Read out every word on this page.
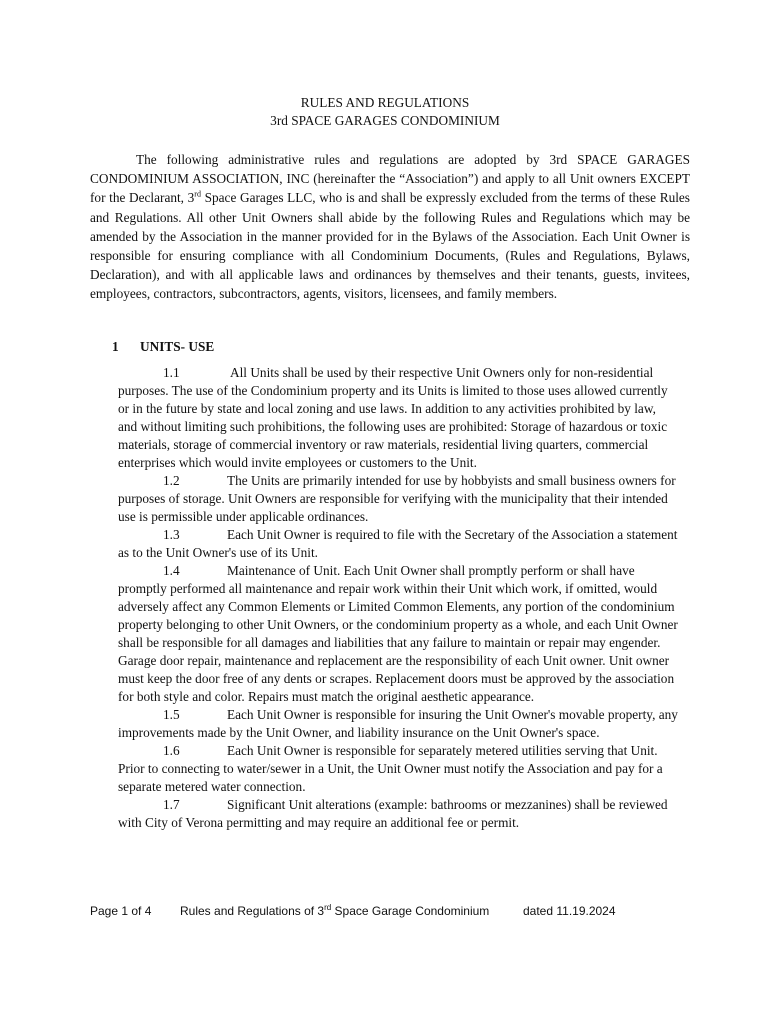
RULES AND REGULATIONS
3rd SPACE GARAGES CONDOMINIUM
The following administrative rules and regulations are adopted by 3rd SPACE GARAGES CONDOMINIUM ASSOCIATION, INC (hereinafter the “Association”) and apply to all Unit owners EXCEPT for the Declarant, 3rd Space Garages LLC, who is and shall be expressly excluded from the terms of these Rules and Regulations. All other Unit Owners shall abide by the following Rules and Regulations which may be amended by the Association in the manner provided for in the Bylaws of the Association. Each Unit Owner is responsible for ensuring compliance with all Condominium Documents, (Rules and Regulations, Bylaws, Declaration), and with all applicable laws and ordinances by themselves and their tenants, guests, invitees, employees, contractors, subcontractors, agents, visitors, licensees, and family members.
1 UNITS- USE

1.1	All Units shall be used by their respective Unit Owners only for non-residential purposes. The use of the Condominium property and its Units is limited to those uses allowed currently or in the future by state and local zoning and use laws. In addition to any activities prohibited by law, and without limiting such prohibitions, the following uses are prohibited: Storage of hazardous or toxic materials, storage of commercial inventory or raw materials, residential living quarters, commercial enterprises which would invite employees or customers to the Unit.

1.2	The Units are primarily intended for use by hobbyists and small business owners for purposes of storage. Unit Owners are responsible for verifying with the municipality that their intended use is permissible under applicable ordinances.

1.3	Each Unit Owner is required to file with the Secretary of the Association a statement as to the Unit Owner's use of its Unit.

1.4	Maintenance of Unit. Each Unit Owner shall promptly perform or shall have promptly performed all maintenance and repair work within their Unit which work, if omitted, would adversely affect any Common Elements or Limited Common Elements, any portion of the condominium property belonging to other Unit Owners, or the condominium property as a whole, and each Unit Owner shall be responsible for all damages and liabilities that any failure to maintain or repair may engender. Garage door repair, maintenance and replacement are the responsibility of each Unit owner. Unit owner must keep the door free of any dents or scrapes. Replacement doors must be approved by the association for both style and color. Repairs must match the original aesthetic appearance.

1.5	Each Unit Owner is responsible for insuring the Unit Owner's movable property, any improvements made by the Unit Owner, and liability insurance on the Unit Owner's space.

1.6	Each Unit Owner is responsible for separately metered utilities serving that Unit. Prior to connecting to water/sewer in a Unit, the Unit Owner must notify the Association and pay for a separate metered water connection.

1.7	Significant Unit alterations (example: bathrooms or mezzanines) shall be reviewed with City of Verona permitting and may require an additional fee or permit.

Page 1 of 4 Rules and Regulations of 3rd Space Garage Condominium	dated 11.19.2024
